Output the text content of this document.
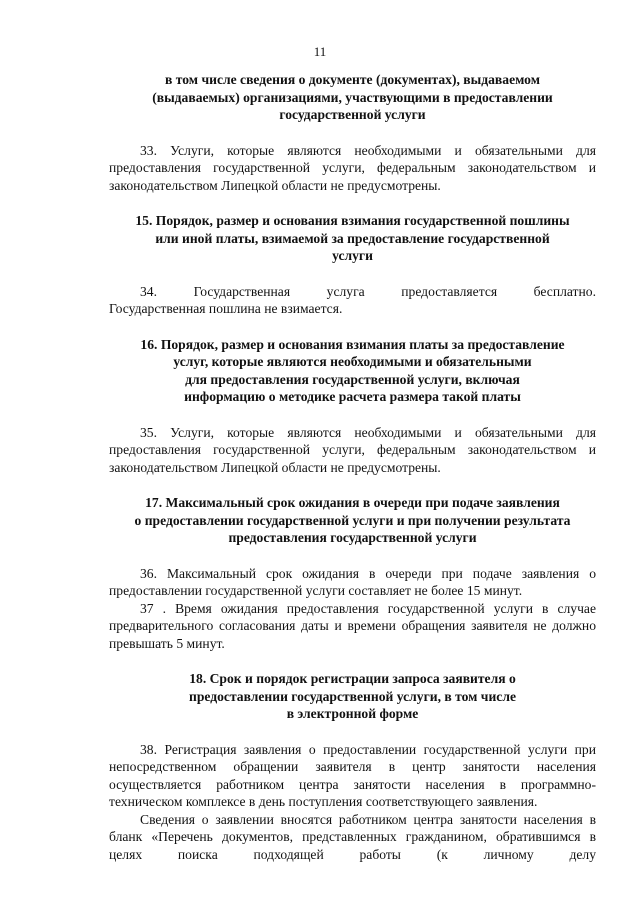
11
в том числе сведения о документе (документах), выдаваемом
(выдаваемых) организациями, участвующими в предоставлении
государственной услуги

33. Услуги, которые являются необходимыми и обязательными для предоставления государственной услуги, федеральным законодательством и законодательством Липецкой области не предусмотрены.

15. Порядок, размер и основания взимания государственной пошлины
или иной платы, взимаемой за предоставление государственной
услуги
34.	Государственная	услуга	предоставляется	бесплатно.

Государственная пошлина не взимается.

16. Порядок, размер и основания взимания платы за предоставление
услуг, которые являются необходимыми и обязательными
для предоставления государственной услуги, включая
информацию о методике расчета размера такой платы

35. Услуги, которые являются необходимыми и обязательными для предоставления государственной услуги, федеральным законодательством и законодательством Липецкой области не предусмотрены.

17. Максимальный срок ожидания в очереди при подаче заявления
о предоставлении государственной услуги и при получении результата
предоставления государственной услуги

36. Максимальный срок ожидания в очереди при подаче заявления о предоставлении государственной услуги составляет не более 15 минут.

37 . Время ожидания предоставления государственной услуги в случае предварительного согласования даты и времени обращения заявителя не должно превышать 5 минут.

18. Срок и порядок регистрации запроса заявителя о
предоставлении государственной услуги, в том числе
в электронной форме

38. Регистрация заявления о предоставлении государственной услуги при непосредственном обращении заявителя в центр занятости населения осуществляется работником центра занятости населения в программно-техническом комплексе в день поступления соответствующего заявления.

Сведения о заявлении вносятся работником центра занятости населения в бланк «Перечень документов, представленных гражданином, обратившимся в целях поиска подходящей работы (к личному делу
